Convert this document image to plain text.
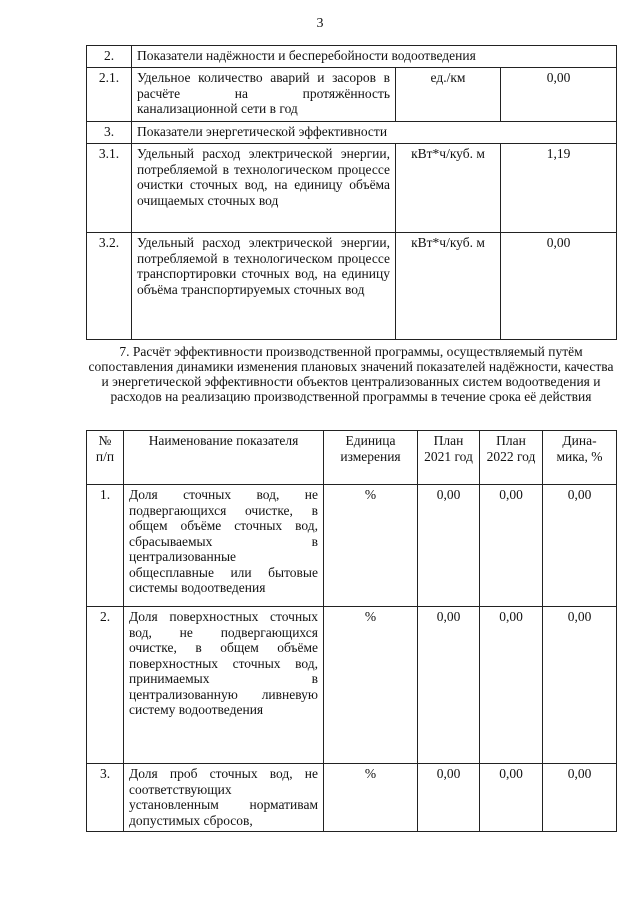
3
2.	Показатели надёжности и бесперебойности водоотведения		
2.1.	Удельное количество аварий и засоров в расчёте на протяжённость канализационной сети в год	ед./км	0,00
3.	Показатели энергетической эффективности		
3.1.	Удельный расход электрической энергии, потребляемой в технологическом процессе очистки сточных вод, на единицу объёма очищаемых сточных вод	кВт*ч/куб. м	1,19
3.2.	Удельный расход электрической энергии, потребляемой в технологическом процессе транспортировки сточных вод, на единицу объёма транспортируемых сточных вод	кВт*ч/куб. м	0,00
7. Расчёт эффективности производственной программы, осуществляемый путём сопоставления динамики изменения плановых значений показателей надёжности, качества и энергетической эффективности объектов централизованных систем водоотведения и расходов на реализацию производственной программы в течение срока её действия
№ п/п	Наименование показателя	Единица измерения	План 2021 год	План 2022 год	Дина-мика, %
1.	Доля сточных вод, не подвергающихся очистке, в общем объёме сточных вод, сбрасываемых в централизованные общесплавные или бытовые системы водоотведения	%	0,00	0,00	0,00
2.	Доля поверхностных сточных вод, не подвергающихся очистке, в общем объёме поверхностных сточных вод, принимаемых в централизованную ливневую систему водоотведения	%	0,00	0,00	0,00
3.	Доля проб сточных вод, не соответствующих установленным нормативам допустимых сбросов,	%	0,00	0,00	0,00
